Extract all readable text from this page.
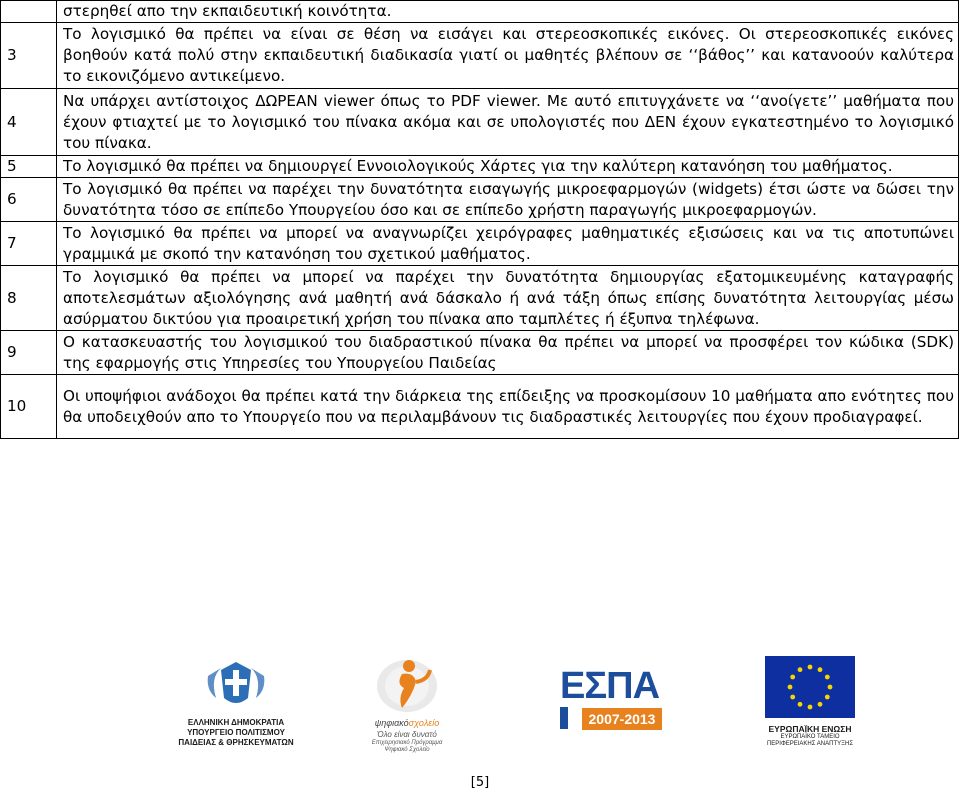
	στερηθεί απο την εκπαιδευτική κοινότητα.
3	Το λογισμικό θα πρέπει να είναι σε θέση να εισάγει και στερεοσκοπικές εικόνες. Οι στερεοσκοπικές εικόνες βοηθούν κατά πολύ στην εκπαιδευτική διαδικασία γιατί οι μαθητές βλέπουν σε ‘‘βάθος’’ και κατανοούν καλύτερα το εικονιζόμενο αντικείμενο.
4	Να υπάρχει αντίστοιχος ΔΩΡΕΑΝ viewer όπως το PDF viewer. Με αυτό επιτυγχάνετε να ‘‘ανοίγετε’’ μαθήματα που έχουν φτιαχτεί με το λογισμικό του πίνακα ακόμα και σε υπολογιστές που ΔΕΝ έχουν εγκατεστημένο το λογισμικό του πίνακα.
5	Το λογισμικό θα πρέπει να δημιουργεί Εννοιολογικούς Χάρτες για την καλύτερη κατανόηση του μαθήματος.
6	Το λογισμικό θα πρέπει να παρέχει την δυνατότητα εισαγωγής μικροεφαρμογών (widgets) έτσι ώστε να δώσει την δυνατότητα τόσο σε επίπεδο Υπουργείου όσο και σε επίπεδο χρήστη παραγωγής μικροεφαρμογών.
7	Το λογισμικό θα πρέπει να μπορεί να αναγνωρίζει χειρόγραφες μαθηματικές εξισώσεις και να τις αποτυπώνει γραμμικά με σκοπό την κατανόηση του σχετικού μαθήματος.
8	Το λογισμικό θα πρέπει να μπορεί να παρέχει την δυνατότητα δημιουργίας εξατομικευμένης καταγραφής αποτελεσμάτων αξιολόγησης ανά μαθητή ανά δάσκαλο ή ανά τάξη όπως επίσης δυνατότητα λειτουργίας μέσω ασύρματου δικτύου για προαιρετική χρήση του πίνακα απο ταμπλέτες ή έξυπνα τηλέφωνα.
9	Ο κατασκευαστής του λογισμικού του διαδραστικού πίνακα θα πρέπει να μπορεί να προσφέρει τον κώδικα (SDK) της εφαρμογής στις Υπηρεσίες του Υπουργείου Παιδείας
10	Οι υποψήφιοι ανάδοχοι θα πρέπει κατά την διάρκεια της επίδειξης να προσκομίσουν 10 μαθήματα απο ενότητες που θα υποδειχθούν απο το Υπουργείο που να περιλαμβάνουν τις διαδραστικές λειτουργίες που έχουν προδιαγραφεί.
ΕΛΛΗΝΙΚΗ ΔΗΜΟΚΡΑΤΙΑ
ΥΠΟΥΡΓΕΙΟ ΠΟΛΙΤΙΣΜΟΥ
ΠΑΙΔΕΙΑΣ & ΘΡΗΣΚΕΥΜΑΤΩΝ
ψηφιακόσχολείο
Όλο είναι δυνατό
Επιχειρησιακό Πρόγραμμα
Ψηφιακό Σχολείο
ΕΣΠΑ
2007-2013
ΕΥΡΩΠΑΪΚΗ ΕΝΩΣΗ
ΕΥΡΩΠΑΪΚΟ ΤΑΜΕΙΟ
ΠΕΡΙΦΕΡΕΙΑΚΗΣ ΑΝΑΠΤΥΞΗΣ
[5]
